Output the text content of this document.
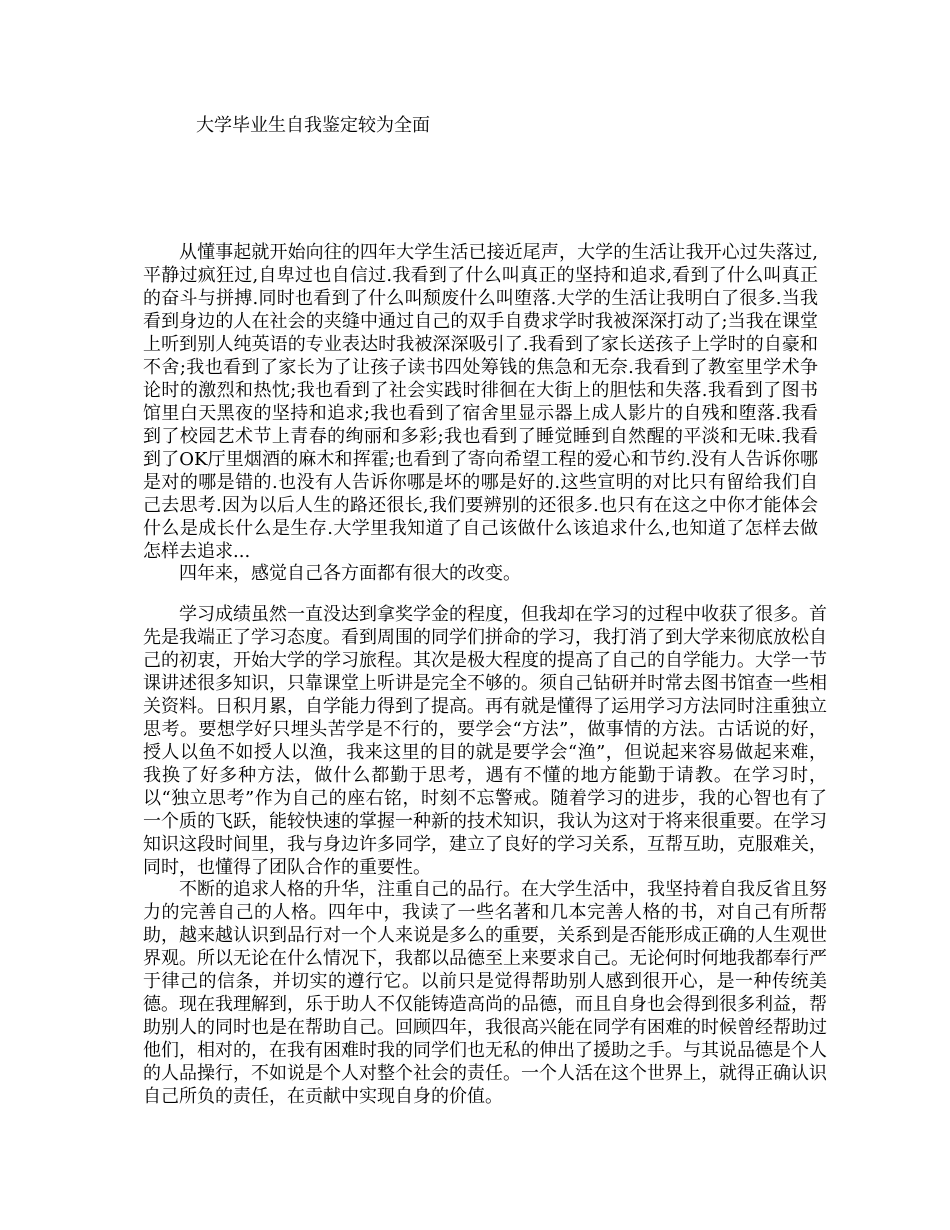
大学毕业生自我鉴定较为全面

从懂事起就开始向往的四年大学生活已接近尾声，大学的生活让我开心过失落过,平静过疯狂过,自卑过也自信过.我看到了什么叫真正的坚持和追求,看到了什么叫真正的奋斗与拼搏.同时也看到了什么叫颓废什么叫堕落.大学的生活让我明白了很多.当我看到身边的人在社会的夹缝中通过自己的双手自费求学时我被深深打动了;当我在课堂上听到别人纯英语的专业表达时我被深深吸引了.我看到了家长送孩子上学时的自豪和不舍;我也看到了家长为了让孩子读书四处筹钱的焦急和无奈.我看到了教室里学术争论时的激烈和热忱;我也看到了社会实践时徘徊在大街上的胆怯和失落.我看到了图书馆里白天黑夜的坚持和追求;我也看到了宿舍里显示器上成人影片的自残和堕落.我看到了校园艺术节上青春的绚丽和多彩;我也看到了睡觉睡到自然醒的平淡和无味.我看到了OK厅里烟酒的麻木和挥霍;也看到了寄向希望工程的爱心和节约.没有人告诉你哪是对的哪是错的.也没有人告诉你哪是坏的哪是好的.这些宣明的对比只有留给我们自己去思考.因为以后人生的路还很长,我们要辨别的还很多.也只有在这之中你才能体会什么是成长什么是生存.大学里我知道了自己该做什么该追求什么,也知道了怎样去做怎样去追求...

四年来，感觉自己各方面都有很大的改变。

学习成绩虽然一直没达到拿奖学金的程度，但我却在学习的过程中收获了很多。首先是我端正了学习态度。看到周围的同学们拼命的学习，我打消了到大学来彻底放松自己的初衷，开始大学的学习旅程。其次是极大程度的提高了自己的自学能力。大学一节课讲述很多知识，只靠课堂上听讲是完全不够的。须自己钻研并时常去图书馆查一些相关资料。日积月累，自学能力得到了提高。再有就是懂得了运用学习方法同时注重独立思考。要想学好只埋头苦学是不行的，要学会“方法”，做事情的方法。古话说的好，授人以鱼不如授人以渔，我来这里的目的就是要学会“渔”，但说起来容易做起来难，我换了好多种方法，做什么都勤于思考，遇有不懂的地方能勤于请教。在学习时，以“独立思考”作为自己的座右铭，时刻不忘警戒。随着学习的进步，我的心智也有了一个质的飞跃，能较快速的掌握一种新的技术知识，我认为这对于将来很重要。在学习知识这段时间里，我与身边许多同学，建立了良好的学习关系，互帮互助，克服难关，同时，也懂得了团队合作的重要性。

不断的追求人格的升华，注重自己的品行。在大学生活中，我坚持着自我反省且努力的完善自己的人格。四年中，我读了一些名著和几本完善人格的书，对自己有所帮助，越来越认识到品行对一个人来说是多么的重要，关系到是否能形成正确的人生观世界观。所以无论在什么情况下，我都以品德至上来要求自己。无论何时何地我都奉行严于律己的信条，并切实的遵行它。以前只是觉得帮助别人感到很开心，是一种传统美德。现在我理解到，乐于助人不仅能铸造高尚的品德，而且自身也会得到很多利益，帮助别人的同时也是在帮助自己。回顾四年，我很高兴能在同学有困难的时候曾经帮助过他们，相对的，在我有困难时我的同学们也无私的伸出了援助之手。与其说品德是个人的人品操行，不如说是个人对整个社会的责任。一个人活在这个世界上，就得正确认识自己所负的责任，在贡献中实现自身的价值。
